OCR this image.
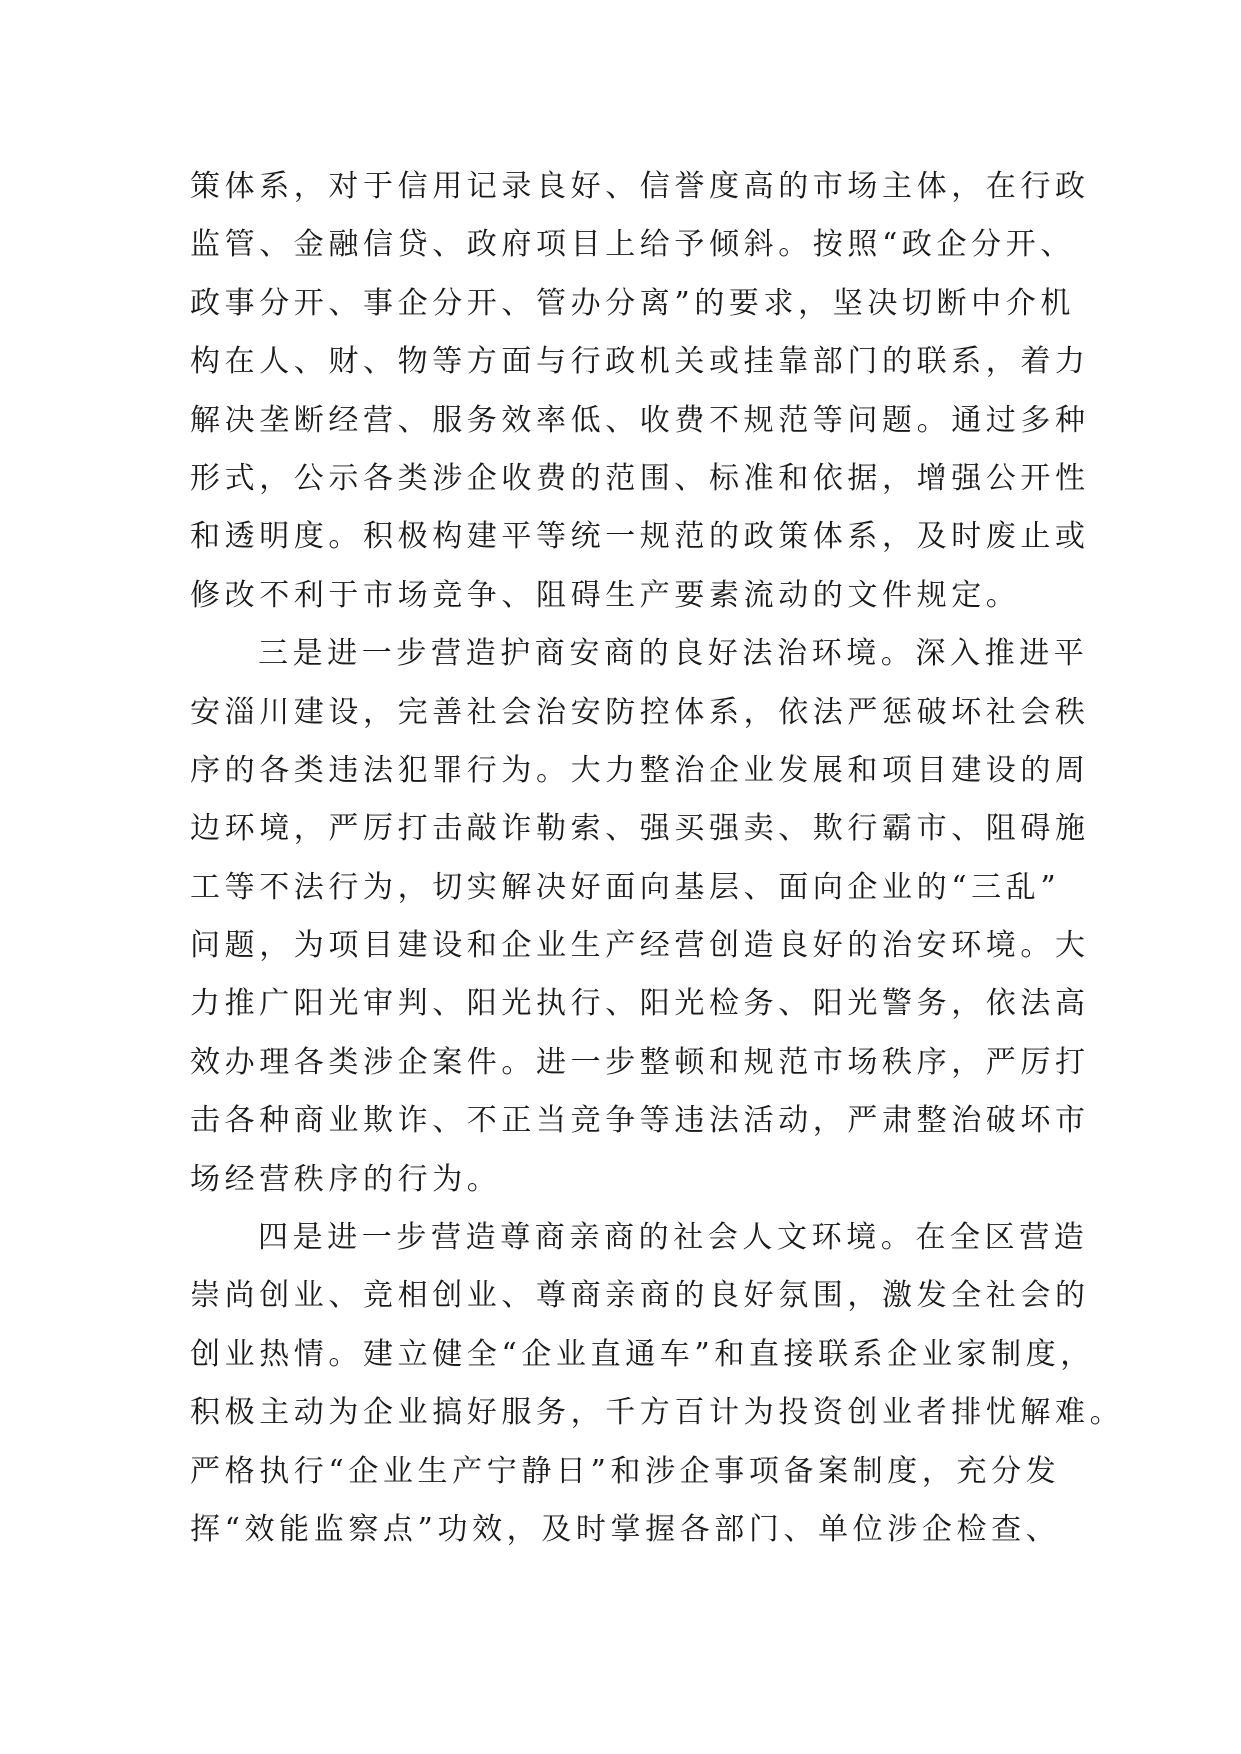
策体系，对于信用记录良好、信誉度高的市场主体，在行政
监管、金融信贷、政府项目上给予倾斜。按照“政企分开、
政事分开、事企分开、管办分离”的要求，坚决切断中介机
构在人、财、物等方面与行政机关或挂靠部门的联系，着力
解决垄断经营、服务效率低、收费不规范等问题。通过多种
形式，公示各类涉企收费的范围、标准和依据，增强公开性
和透明度。积极构建平等统一规范的政策体系，及时废止或
修改不利于市场竞争、阻碍生产要素流动的文件规定。
三是进一步营造护商安商的良好法治环境。深入推进平
安淄川建设，完善社会治安防控体系，依法严惩破坏社会秩
序的各类违法犯罪行为。大力整治企业发展和项目建设的周
边环境，严厉打击敲诈勒索、强买强卖、欺行霸市、阻碍施
工等不法行为，切实解决好面向基层、面向企业的“三乱”
问题，为项目建设和企业生产经营创造良好的治安环境。大
力推广阳光审判、阳光执行、阳光检务、阳光警务，依法高
效办理各类涉企案件。进一步整顿和规范市场秩序，严厉打
击各种商业欺诈、不正当竞争等违法活动，严肃整治破坏市
场经营秩序的行为。
四是进一步营造尊商亲商的社会人文环境。在全区营造
崇尚创业、竞相创业、尊商亲商的良好氛围，激发全社会的
创业热情。建立健全“企业直通车”和直接联系企业家制度，
积极主动为企业搞好服务，千方百计为投资创业者排忧解难。
严格执行“企业生产宁静日”和涉企事项备案制度，充分发
挥“效能监察点”功效，及时掌握各部门、单位涉企检查、
